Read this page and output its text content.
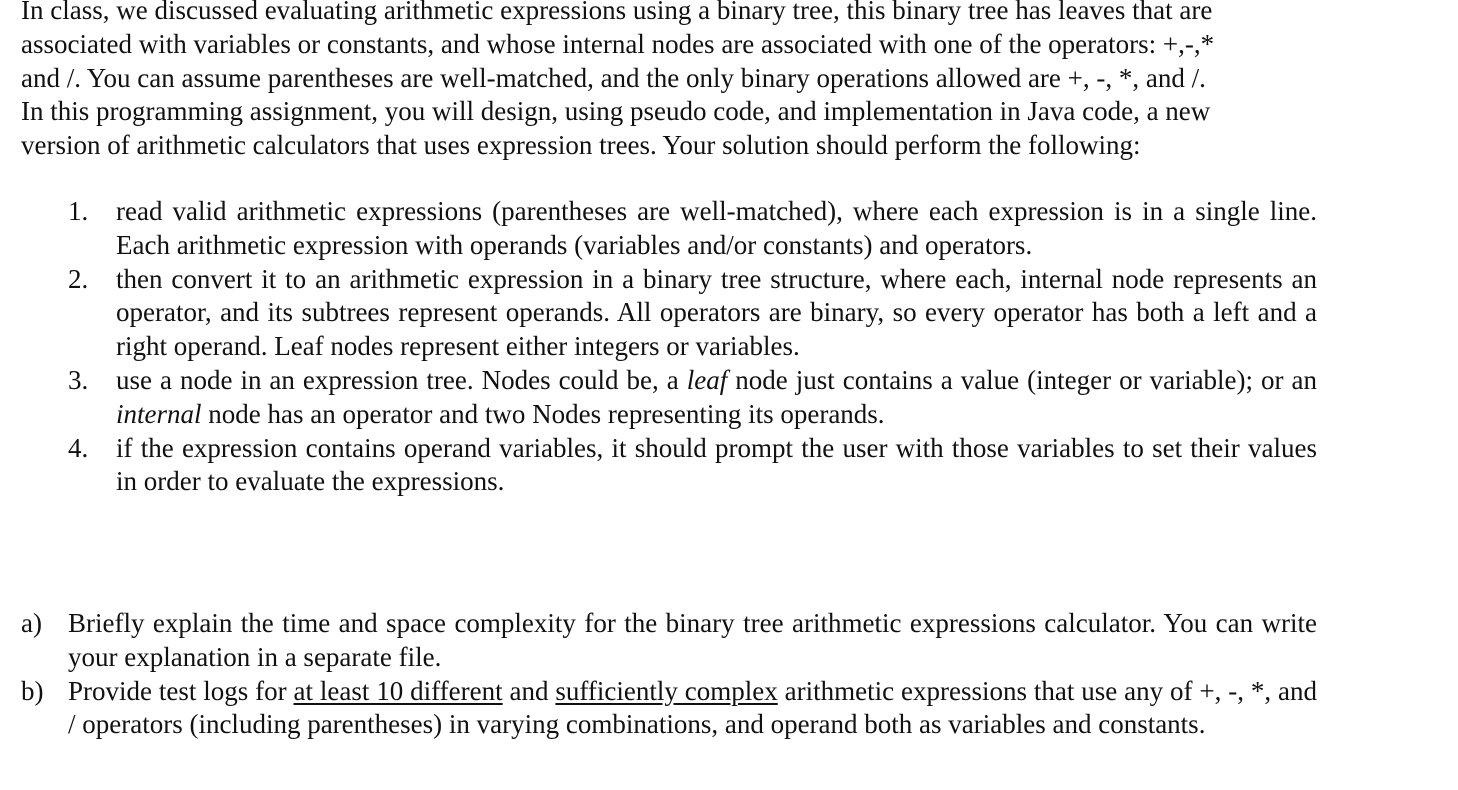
In class, we discussed evaluating arithmetic expressions using a binary tree, this binary tree has leaves that are
associated with variables or constants, and whose internal nodes are associated with one of the operators: +,-,*
and /. You can assume parentheses are well-matched, and the only binary operations allowed are +, -, *, and /.
In this programming assignment, you will design, using pseudo code, and implementation in Java code, a new
version of arithmetic calculators that uses expression trees. Your solution should perform the following:

1. read valid arithmetic expressions (parentheses are well-matched), where each expression is in a single line. Each arithmetic expression with operands (variables and/or constants) and operators.
2. then convert it to an arithmetic expression in a binary tree structure, where each, internal node represents an operator, and its subtrees represent operands. All operators are binary, so every operator has both a left and a right operand. Leaf nodes represent either integers or variables.
3. use a node in an expression tree. Nodes could be, a leaf node just contains a value (integer or variable); or an internal node has an operator and two Nodes representing its operands.
4. if the expression contains operand variables, it should prompt the user with those variables to set their values in order to evaluate the expressions.
a) Briefly explain the time and space complexity for the binary tree arithmetic expressions calculator. You can write your explanation in a separate file.
b) Provide test logs for at least 10 different and sufficiently complex arithmetic expressions that use any of +, -, *, and / operators (including parentheses) in varying combinations, and operand both as variables and constants.
